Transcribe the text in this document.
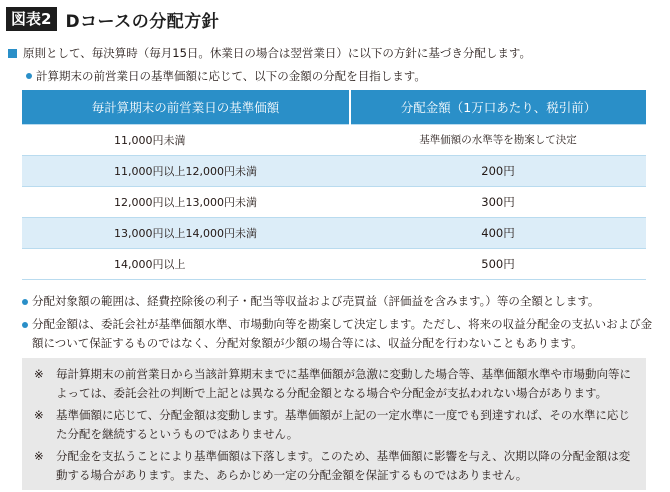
図表2 Dコースの分配方針
原則として、毎決算時（毎月15日。休業日の場合は翌営業日）に以下の方針に基づき分配します。
計算期末の前営業日の基準価額に応じて、以下の金額の分配を目指します。
毎計算期末の前営業日の基準価額	分配金額（1万口あたり、税引前）
11,000円未満	基準価額の水準等を勘案して決定
11,000円以上12,000円未満	200円
12,000円以上13,000円未満	300円
13,000円以上14,000円未満	400円
14,000円以上	500円
分配対象額の範囲は、経費控除後の利子・配当等収益および売買益（評価益を含みます。）等の全額とします。
分配金額は、委託会社が基準価額水準、市場動向等を勘案して決定します。ただし、将来の収益分配金の支払いおよび金額について保証するものではなく、分配対象額が少額の場合等には、収益分配を行わないこともあります。
※	毎計算期末の前営業日から当該計算期末までに基準価額が急激に変動した場合等、基準価額水準や市場動向等によっては、委託会社の判断で上記とは異なる分配金額となる場合や分配金が支払われない場合があります。
※	基準価額に応じて、分配金額は変動します。基準価額が上記の一定水準に一度でも到達すれば、その水準に応じた分配を継続するというものではありません。
※	分配金を支払うことにより基準価額は下落します。このため、基準価額に影響を与え、次期以降の分配金額は変動する場合があります。また、あらかじめ一定の分配金額を保証するものではありません。
